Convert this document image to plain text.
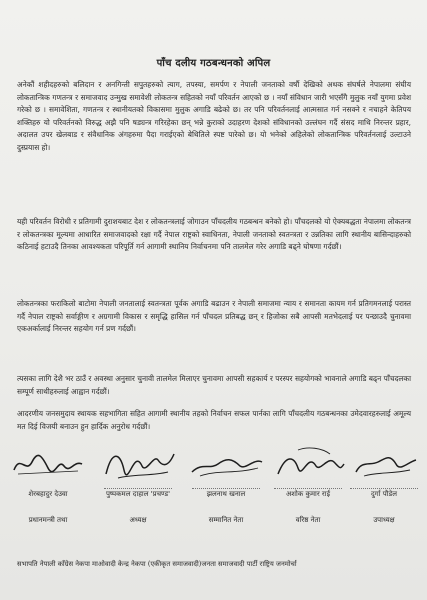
पाँच दलीय गठबन्धनको अपिल

अनेकौं शहीदहरुको बलिदान र अनगिन्ती सपुतहरुको त्याग, तपस्या, समर्पण र नेपाली जनताको वर्षौ देखिको अथक संघर्षले नेपालमा संघीय लोकतान्त्रिक गणतन्त्र र समाजवाद उन्मुख समावेशी लोकतन्त्र सहितको नयाँ परिवर्तन आएको छ । नयाँ संविधान जारी भएसँगै मुलुक नयाँ युगमा प्रवेश गरेको छ । समावेशिता, गणतन्त्र र स्थानीयतको विकासमा मुलुक अगाडि बढेको छ। तर पनि परिवर्तनलाई आत्मसात गर्न नसक्ने र नचाहने केतिपय शक्तिहरु यो परिवर्तनको विरुद्ध अझै पनि षड्यन्त्र गरिरहेका छन् भन्ने कुराको उदाहरण देशको संविधानको उल्लंघन गर्दै संसद माथि निरन्तर प्रहार, अदालत उपर खेलबाड र संवैधानिक अंगहरुमा पैदा गराईएको बेथितिले स्पष्ट पारेको छ। यो भनेको अहिलेको लोकतान्त्रिक परिवर्तनलाई उल्टाउने दुस्प्रयास हो।

यही परिवर्तन विरोधी र प्रतिगामी दुराशयबाट देश र लोकतन्त्रलाई जोगाउन पाँचदलीय गठबन्धन बनेको हो। पाँचदलको यो ऐक्यबद्धता नेपालमा लोकतन्त्र र लोकतन्त्रका मूल्यमा आधारित समाजवादको रक्षा गर्दै नेपाल राष्ट्रको स्वाधिनता, नेपाली जनताको स्वतन्त्रता र उन्नतिका लागि स्थानीय बासिन्दाहरुको कठिनाई हटाउदै तिनका आवश्यकता परिपूर्ति गर्न आगामी स्थानिय निर्वाचनमा पनि तालमेल गरेर अगाडि बढ्ने घोषणा गर्दछौं।

लोकतन्त्रका फराकिलो बाटोमा नेपाली जनतालाई स्वतन्त्रता पूर्वक अगाडि बढाउन र नेपाली समाजमा न्याय र समानता कायम गर्न प्रतिगमनलाई परास्त गर्दै नेपाल राष्ट्रको सर्वाङ्गीण र अग्रगामी विकास र समृद्धि हासिल गर्न पाँचदल प्रतिबद्ध छन् र हिजोका सबै आपसी मतभेदलाई पर पन्छाउदै चुनावमा एकअर्कालाई निरन्तर सहयोग गर्न प्रण गर्दछौं।

त्यसका लागि देशै भर ठाउँ र अवस्था अनुसार चुनावी तालमेल मिलाएर चुनावमा आपसी सहकार्य र परस्पर सहयोगको भावनाले अगाडि बढ्न पाँचदलका सम्पूर्ण साथीहरुलाई आह्वान गर्दछौं।

आदरणीय जनसमुदाय स्थायक सहभागिता सहित आगामी स्थानीय तहको निर्वाचन सफल पार्नका लागि पाँचदलीय गठबन्धनका उमेदवारहरुलाई अमूल्य मत दिई विजयी बनाउन हुन हार्दिक अनुरोध गर्दछौं।

शेरबहादुर देउवा
प्रधानमन्त्री तथा
पुष्पकमल दाहाल 'प्रचण्ड'
अध्यक्ष
झलनाथ खनाल
सम्मानित नेता
अशोक कुमार राई
वरिष्ठ नेता
दुर्गा पौडेल
उपाध्यक्ष
सभापति नेपाली काँग्रेस नेकपा माओवादी केन्द्र नेकपा (एकीकृत समाजवादी)जनता समाजवादी पार्टी राष्ट्रिय जनमोर्चा
